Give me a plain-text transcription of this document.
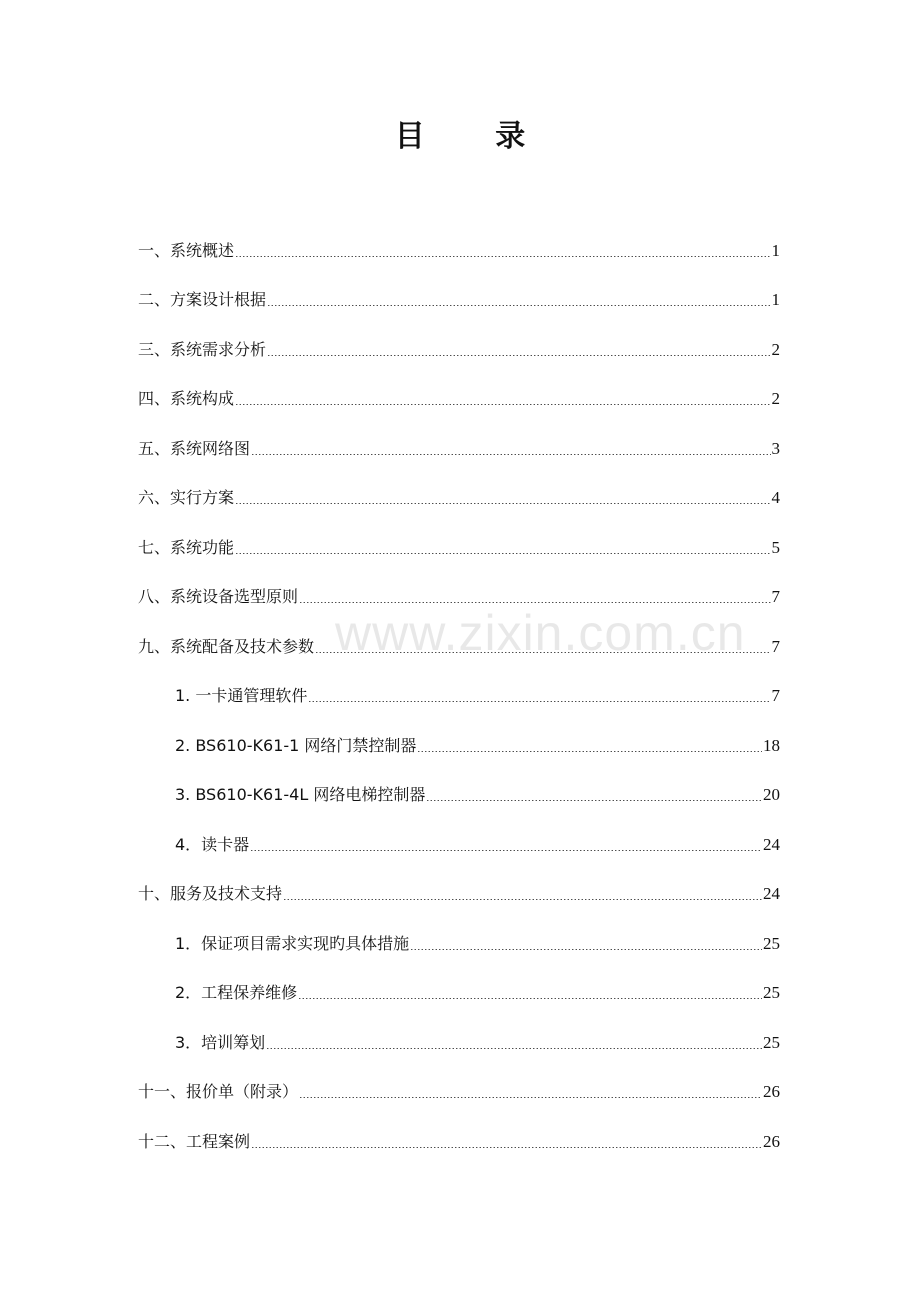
目 录
一、系统概述	1
二、方案设计根据	1
三、系统需求分析	2
四、系统构成	2
五、系统网络图	3
六、实行方案	4
七、系统功能	5
八、系统设备选型原则	7
九、系统配备及技术参数	7
1. 一卡通管理软件	7
2. BS610-K61-1 网络门禁控制器	18
3. BS610-K61-4L 网络电梯控制器	20
4．读卡器	24
十、服务及技术支持	24
1．保证项目需求实现旳具体措施	25
2．工程保养维修	25
3．培训筹划	25
十一、报价单（附录）	26
十二、工程案例	26
www.zixin.com.cn
